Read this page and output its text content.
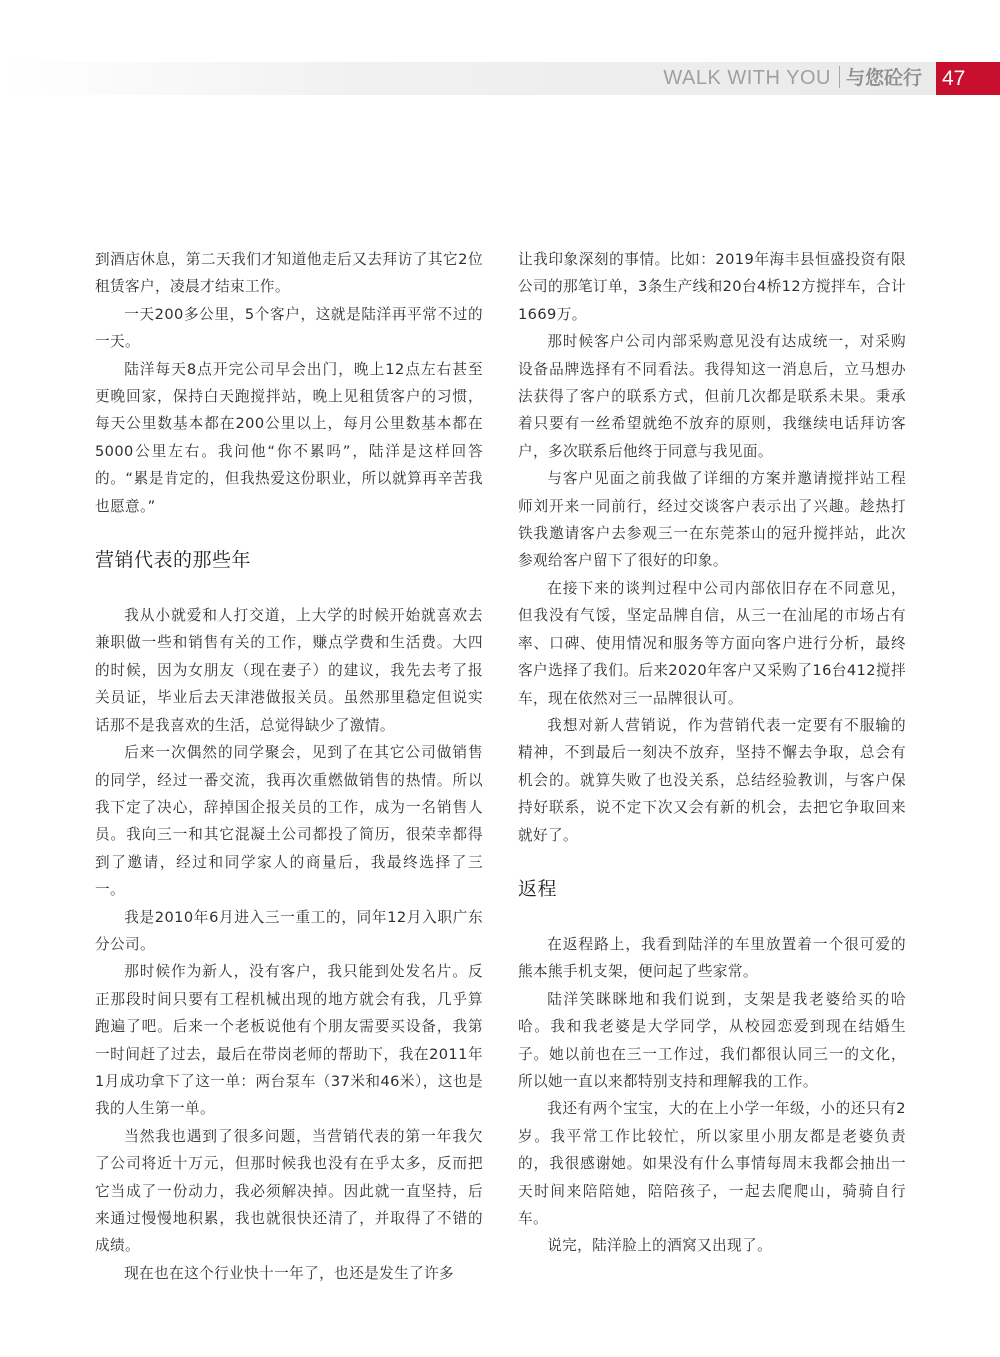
WALK WITH YOU 与您砼行 47

到酒店休息，第二天我们才知道他走后又去拜访了其它2位租赁客户，凌晨才结束工作。

一天200多公里，5个客户，这就是陆洋再平常不过的一天。

陆洋每天8点开完公司早会出门，晚上12点左右甚至更晚回家，保持白天跑搅拌站，晚上见租赁客户的习惯，每天公里数基本都在200公里以上，每月公里数基本都在5000公里左右。我问他“你不累吗”，陆洋是这样回答的。“累是肯定的，但我热爱这份职业，所以就算再辛苦我也愿意。”

营销代表的那些年

我从小就爱和人打交道，上大学的时候开始就喜欢去兼职做一些和销售有关的工作，赚点学费和生活费。大四的时候，因为女朋友（现在妻子）的建议，我先去考了报关员证，毕业后去天津港做报关员。虽然那里稳定但说实话那不是我喜欢的生活，总觉得缺少了激情。

后来一次偶然的同学聚会，见到了在其它公司做销售的同学，经过一番交流，我再次重燃做销售的热情。所以我下定了决心，辞掉国企报关员的工作，成为一名销售人员。我向三一和其它混凝土公司都投了简历，很荣幸都得到了邀请，经过和同学家人的商量后，我最终选择了三一。

我是2010年6月进入三一重工的，同年12月入职广东分公司。

那时候作为新人，没有客户，我只能到处发名片。反正那段时间只要有工程机械出现的地方就会有我，几乎算跑遍了吧。后来一个老板说他有个朋友需要买设备，我第一时间赶了过去，最后在带岗老师的帮助下，我在2011年1月成功拿下了这一单：两台泵车（37米和46米），这也是我的人生第一单。

当然我也遇到了很多问题，当营销代表的第一年我欠了公司将近十万元，但那时候我也没有在乎太多，反而把它当成了一份动力，我必须解决掉。因此就一直坚持，后来通过慢慢地积累，我也就很快还清了，并取得了不错的成绩。

现在也在这个行业快十一年了，也还是发生了许多

让我印象深刻的事情。比如：2019年海丰县恒盛投资有限公司的那笔订单，3条生产线和20台4桥12方搅拌车，合计1669万。

那时候客户公司内部采购意见没有达成统一，对采购设备品牌选择有不同看法。我得知这一消息后，立马想办法获得了客户的联系方式，但前几次都是联系未果。秉承着只要有一丝希望就绝不放弃的原则，我继续电话拜访客户，多次联系后他终于同意与我见面。

与客户见面之前我做了详细的方案并邀请搅拌站工程师刘开来一同前行，经过交谈客户表示出了兴趣。趁热打铁我邀请客户去参观三一在东莞茶山的冠升搅拌站，此次参观给客户留下了很好的印象。

在接下来的谈判过程中公司内部依旧存在不同意见，但我没有气馁，坚定品牌自信，从三一在汕尾的市场占有率、口碑、使用情况和服务等方面向客户进行分析，最终客户选择了我们。后来2020年客户又采购了16台412搅拌车，现在依然对三一品牌很认可。

我想对新人营销说，作为营销代表一定要有不服输的精神，不到最后一刻决不放弃，坚持不懈去争取，总会有机会的。就算失败了也没关系，总结经验教训，与客户保持好联系，说不定下次又会有新的机会，去把它争取回来就好了。

返程

在返程路上，我看到陆洋的车里放置着一个很可爱的熊本熊手机支架，便问起了些家常。

陆洋笑眯眯地和我们说到，支架是我老婆给买的哈哈。我和我老婆是大学同学，从校园恋爱到现在结婚生子。她以前也在三一工作过，我们都很认同三一的文化，所以她一直以来都特别支持和理解我的工作。

我还有两个宝宝，大的在上小学一年级，小的还只有2岁。我平常工作比较忙，所以家里小朋友都是老婆负责的，我很感谢她。如果没有什么事情每周末我都会抽出一天时间来陪陪她，陪陪孩子，一起去爬爬山，骑骑自行车。

说完，陆洋脸上的酒窝又出现了。
